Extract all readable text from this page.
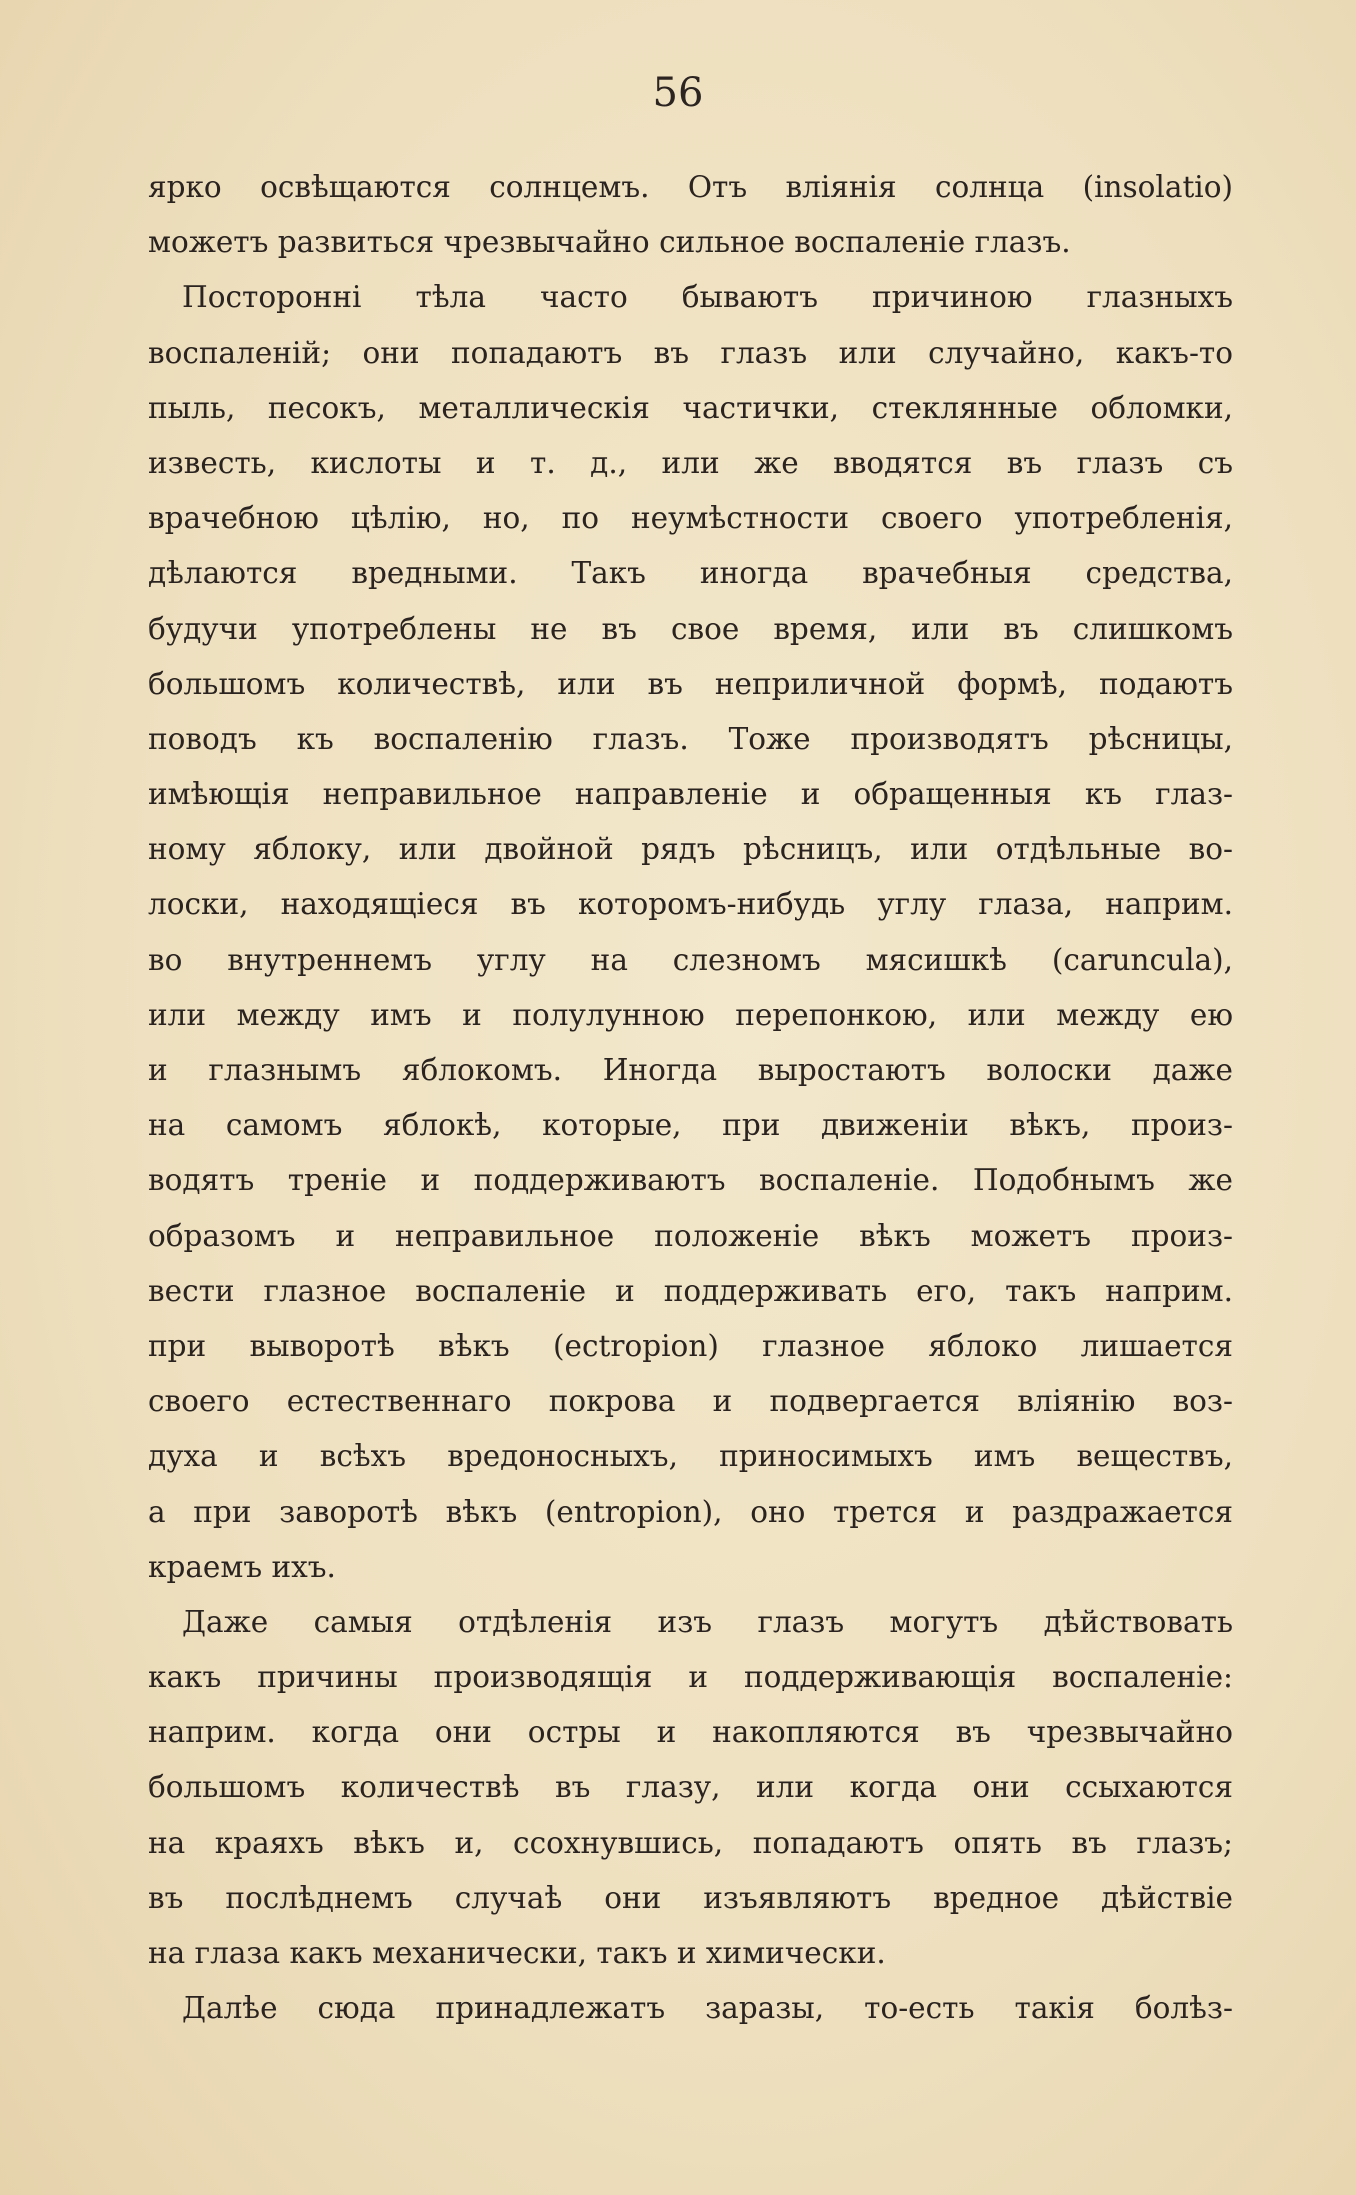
56
ярко освѣщаются солнцемъ. Отъ вліянія солнца (insolatio)
можетъ развиться чрезвычайно сильное воспаленіе глазъ.
Посторонні тѣла часто бываютъ причиною глазныхъ
воспаленій; они попадаютъ въ глазъ или случайно, какъ-то
пыль, песокъ, металлическія частички, стеклянные обломки,
известь, кислоты и т. д., или же вводятся въ глазъ съ
врачебною цѣлію, но, по неумѣстности своего употребленія,
дѣлаются вредными. Такъ иногда врачебныя средства,
будучи употреблены не въ свое время, или въ слишкомъ
большомъ количествѣ, или въ неприличной формѣ, подаютъ
поводъ къ воспаленію глазъ. Тоже производятъ рѣсницы,
имѣющія неправильное направленіе и обращенныя къ глаз-
ному яблоку, или двойной рядъ рѣсницъ, или отдѣльные во-
лоски, находящіеся въ которомъ-нибудь углу глаза, наприм.
во внутреннемъ углу на слезномъ мясишкѣ (caruncula),
или между имъ и полулунною перепонкою, или между ею
и глазнымъ яблокомъ. Иногда выростаютъ волоски даже
на самомъ яблокѣ, которые, при движеніи вѣкъ, произ-
водятъ треніе и поддерживаютъ воспаленіе. Подобнымъ же
образомъ и неправильное положеніе вѣкъ можетъ произ-
вести глазное воспаленіе и поддерживать его, такъ наприм.
при выворотѣ вѣкъ (ectropion) глазное яблоко лишается
своего естественнаго покрова и подвергается вліянію воз-
духа и всѣхъ вредоносныхъ, приносимыхъ имъ веществъ,
а при заворотѣ вѣкъ (entropion), оно трется и раздражается
краемъ ихъ.
Даже самыя отдѣленія изъ глазъ могутъ дѣйствовать
какъ причины производящія и поддерживающія воспаленіе:
наприм. когда они остры и накопляются въ чрезвычайно
большомъ количествѣ въ глазу, или когда они ссыхаются
на краяхъ вѣкъ и, ссохнувшись, попадаютъ опять въ глазъ;
въ послѣднемъ случаѣ они изъявляютъ вредное дѣйствіе
на глаза какъ механически, такъ и химически.
Далѣе сюда принадлежатъ заразы, то-есть такія болѣз-
